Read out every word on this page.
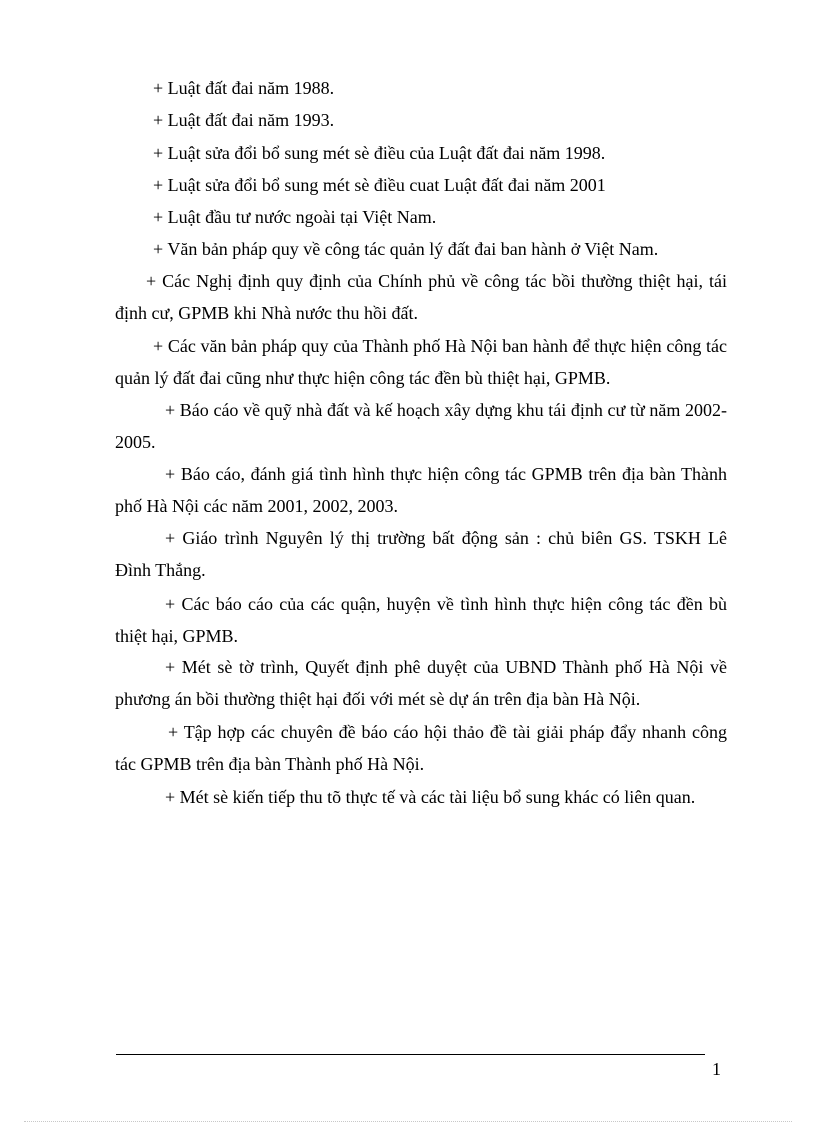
+ Luật đất đai năm 1988.

+ Luật đất đai năm 1993.

+ Luật sửa đổi bổ sung mét sè điều của Luật đất đai năm 1998.

+ Luật sửa đổi bổ sung mét sè điều cuat Luật đất đai năm 2001

+ Luật đầu tư nước ngoài tại Việt Nam.

+ Văn bản pháp quy về công tác quản lý đất đai ban hành ở Việt Nam.

+ Các Nghị định quy định của Chính phủ về công tác bồi thường thiệt hại, tái định cư, GPMB khi Nhà nước thu hồi đất.

+ Các văn bản pháp quy của Thành phố Hà Nội ban hành để thực hiện công tác quản lý đất đai cũng như thực hiện công tác đền bù thiệt hại, GPMB.

+ Báo cáo về quỹ nhà đất và kế hoạch xây dựng khu tái định cư từ năm 2002- 2005.

+ Báo cáo, đánh giá tình hình thực hiện công tác GPMB trên địa bàn Thành phố Hà Nội các năm 2001, 2002, 2003.

+ Giáo trình Nguyên lý thị trường bất động sản : chủ biên GS. TSKH Lê Đình Thắng.

+ Các báo cáo của các quận, huyện về tình hình thực hiện công tác đền bù thiệt hại, GPMB.

+ Mét sè tờ trình, Quyết định phê duyệt của UBND Thành phố Hà Nội về phương án bồi thường thiệt hại đối với mét sè dự án trên địa bàn Hà Nội.

+ Tập hợp các chuyên đề báo cáo hội thảo đề tài giải pháp đẩy nhanh công tác GPMB trên địa bàn Thành phố Hà Nội.

+ Mét sè kiến tiếp thu tõ thực tế và các tài liệu bổ sung khác có liên quan.

1
